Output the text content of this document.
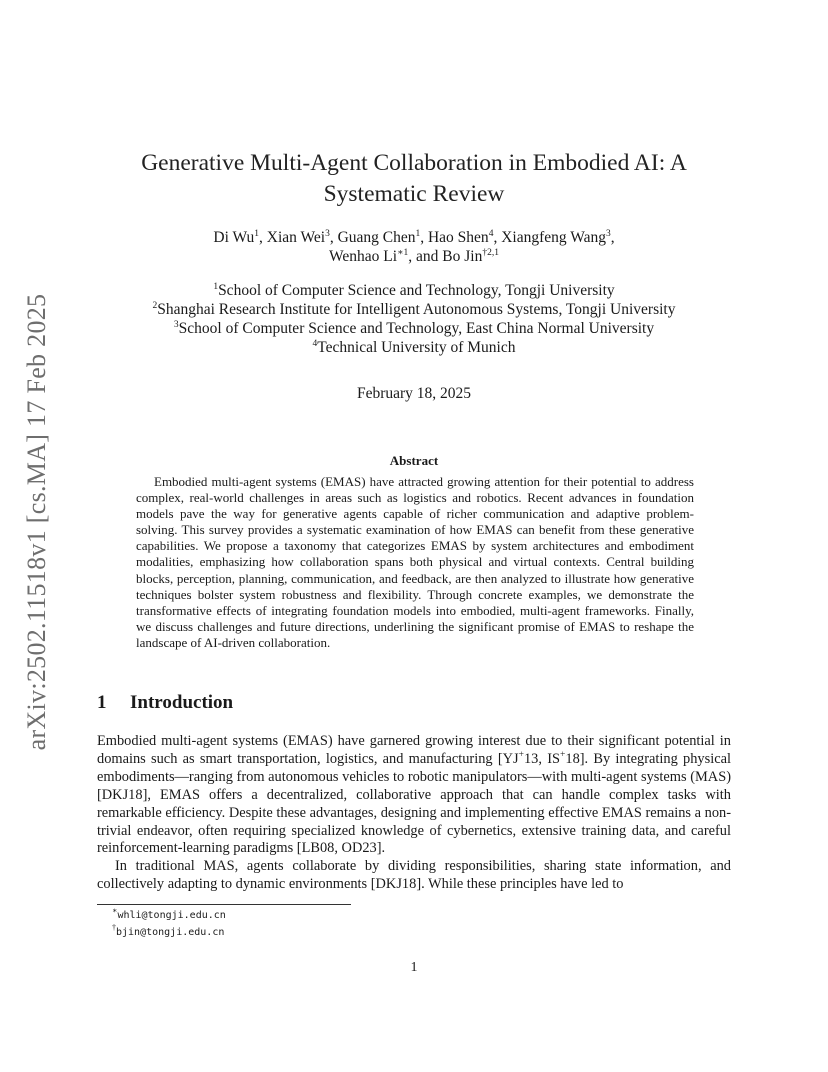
arXiv:2502.11518v1 [cs.MA] 17 Feb 2025
Generative Multi-Agent Collaboration in Embodied AI: A
Systematic Review
Di Wu$^1$, Xian Wei$^3$, Guang Chen$^1$, Hao Shen$^4$, Xiangfeng Wang$^3$,
Wenhao $Li^{∗1}$, and Bo Jin$^{\dagger 2,1}$
$^1$School of Computer Science and Technology, Tongji University
$^2$Shanghai Research Institute for Intelligent Autonomous Systems, Tongji University
$^3$School of Computer Science and Technology, East China Normal University
$^4$Technical University of Munich
February 18, 2025
Abstract
Embodied multi-agent systems (EMAS) have attracted growing attention for their potential to address complex, real-world challenges in areas such as logistics and robotics. Recent advances in foundation models pave the way for generative agents capable of richer communication and adaptive problem-solving. This survey provides a systematic examination of how EMAS can benefit from these generative capabilities. We propose a taxonomy that categorizes EMAS by system architectures and embodiment modalities, emphasizing how collaboration spans both physical and virtual contexts. Central building blocks, perception, planning, communication, and feedback, are then analyzed to illustrate how generative techniques bolster system robustness and flexibility. Through concrete examples, we demonstrate the transformative effects of integrating foundation models into embodied, multi-agent frameworks. Finally, we discuss challenges and future directions, underlining the significant promise of EMAS to reshape the landscape of AI-driven collaboration.
1 Introduction

Embodied multi-agent systems (EMAS) have garnered growing interest due to their significant potential in domains such as smart transportation, logistics, and manufacturing [YJ+13, IS+18]. By integrating physical embodiments—ranging from autonomous vehicles to robotic manipulators—with multi-agent systems (MAS) [DKJ18], EMAS offers a decentralized, collaborative approach that can handle complex tasks with remarkable efficiency. Despite these advantages, designing and implementing effective EMAS remains a non-trivial endeavor, often requiring specialized knowledge of cybernetics, extensive training data, and careful reinforcement-learning paradigms [LB08, OD23].

In traditional MAS, agents collaborate by dividing responsibilities, sharing state information, and collectively adapting to dynamic environments [DKJ18]. While these principles have led to

∗whli@tongji.edu.cn
†bjin@tongji.edu.cn
1
